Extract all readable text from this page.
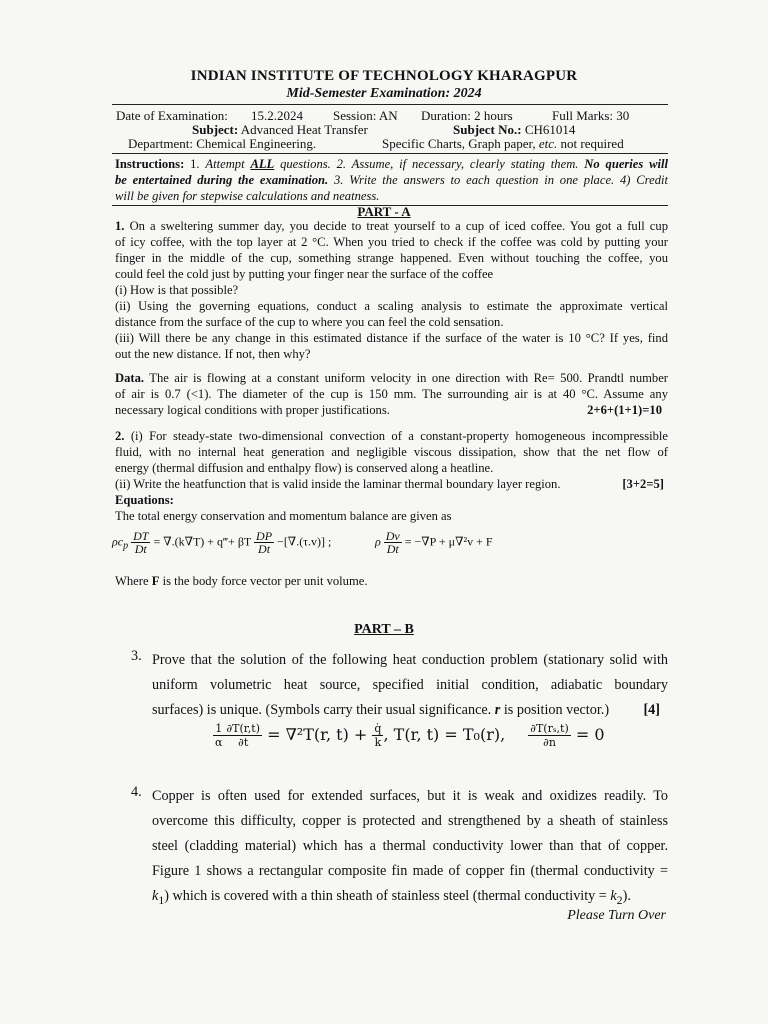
INDIAN INSTITUTE OF TECHNOLOGY KHARAGPUR
Mid-Semester Examination: 2024
Date of Examination: 15.2.2024 Session: AN Duration: 2 hours	Full Marks: 30
Subject: Advanced Heat Transfer	Subject No.: CH61014
Department: Chemical Engineering.	Specific Charts, Graph paper, etc. not required
Instructions: 1. Attempt ALL questions. 2. Assume, if necessary, clearly stating them. No queries will
be entertained during the examination. 3. Write the answers to each question in one place. 4) Credit
will be given for stepwise calculations and neatness.
PART - A
1. On a sweltering summer day, you decide to treat yourself to a cup of iced coffee. You got a full cup
of icy coffee, with the top layer at 2 °C. When you tried to check if the coffee was cold by putting your
finger in the middle of the cup, something strange happened. Even without touching the coffee, you
could feel the cold just by putting your finger near the surface of the coffee
(i) How is that possible?
(ii) Using the governing equations, conduct a scaling analysis to estimate the approximate vertical
distance from the surface of the cup to where you can feel the cold sensation.
(iii) Will there be any change in this estimated distance if the surface of the water is 10 °C? If yes, find
out the new distance. If not, then why?
Data. The air is flowing at a constant uniform velocity in one direction with Re= 500. Prandtl number
of air is 0.7 (<1). The diameter of the cup is 150 mm. The surrounding air is at 40 °C. Assume any
necessary logical conditions with proper justifications.	2+6+(1+1)=10
2. (i) For steady-state two-dimensional convection of a constant-property homogeneous incompressible
fluid, with no internal heat generation and negligible viscous dissipation, show that the net flow of
energy (thermal diffusion and enthalpy flow) is conserved along a heatline.
(ii) Write the heatfunction that is valid inside the laminar thermal boundary layer region.	[3+2=5]
Equations:
The total energy conservation and momentum balance are given as
$\rho c_p \frac{DT}{Dt} = \nabla.(k\nabla T)$ + q‴+ βT $\frac{DP}{Dt} -[\nabla.(\tau.v)]$ ;	ρ $\frac{Dv}{Dt} = -\nabla P + \mu\nabla^2v + F$
Where F is the body force vector per unit volume.
PART – B
3. Prove that the solution of the following heat conduction problem (stationary solid with
uniform volumetric heat source, specified initial condition, adiabatic boundary
surfaces) is unique. (Symbols carry their usual significance. r is position vector.) [4]
$\frac{1}{\alpha} \frac{\partial T(r,t)}{\partial t} = \nabla^2T(r$, $t) + \frac{q̇}{k}$ , T(r, t) = T₀(r), $\frac{\text{∂T(rₛ,t)}}{\partial n} = 0$
4. Copper is often used for extended surfaces, but it is weak and oxidizes readily. To
overcome this difficulty, copper is protected and strengthened by a sheath of stainless
steel (cladding material) which has a thermal conductivity lower than that of copper.
Figure 1 shows a rectangular composite fin made of copper fin (thermal conductivity =
$k_1$) which is covered with a thin sheath of stainless steel (thermal conductivity = $k_2$).
Please Turn Over
